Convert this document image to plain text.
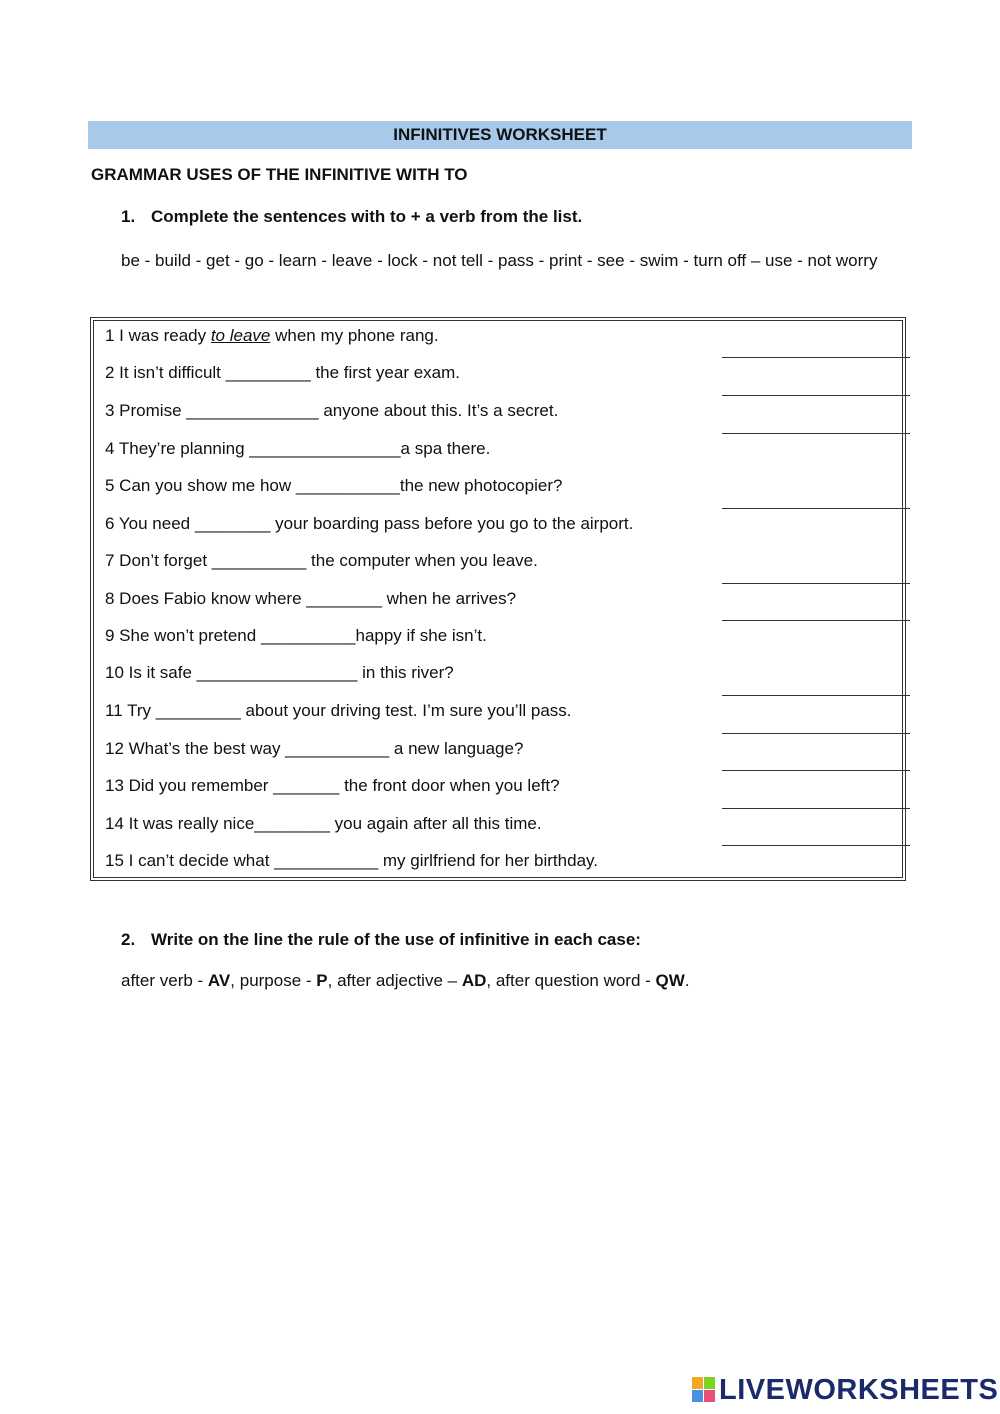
INFINITIVES WORKSHEET
GRAMMAR USES OF THE INFINITIVE WITH TO
1. Complete the sentences with to + a verb from the list.
be - build - get - go - learn - leave - lock - not tell - pass - print - see - swim - turn off – use - not worry
1 I was ready to leave when my phone rang.
2 It isn’t difficult _________ the first year exam.
3 Promise ______________ anyone about this. It’s a secret.
4 They’re planning ________________a spa there.
5 Can you show me how ___________the new photocopier?
6 You need ________ your boarding pass before you go to the airport.
7 Don’t forget __________ the computer when you leave.
8 Does Fabio know where ________ when he arrives?
9 She won’t pretend __________happy if she isn’t.
10 Is it safe _________________ in this river?
11 Try _________ about your driving test. I’m sure you’ll pass.
12 What’s the best way ___________ a new language?
13 Did you remember _______ the front door when you left?
14 It was really nice________ you again after all this time.
15 I can’t decide what ___________ my girlfriend for her birthday.
2. Write on the line the rule of the use of infinitive in each case:
after verb - AV, purpose - P, after adjective – AD, after question word - QW.
LIVEWORKSHEETS
